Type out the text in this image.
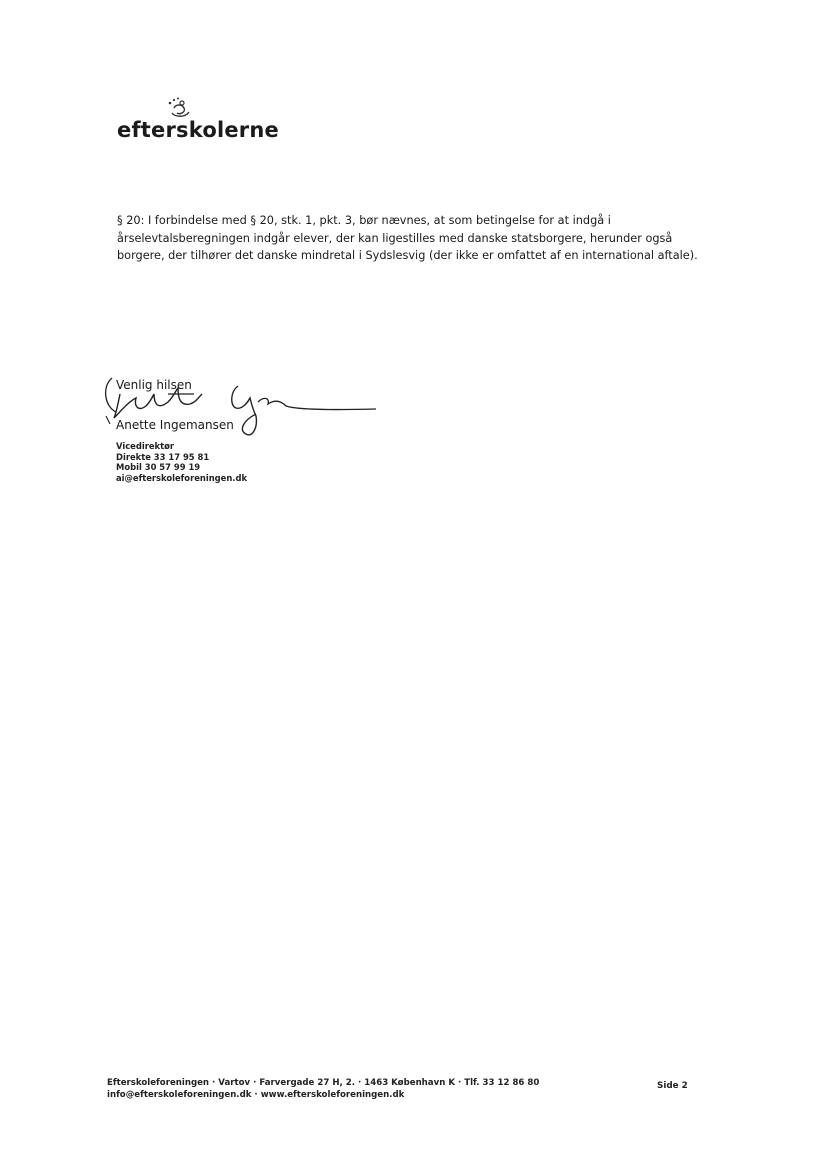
efterskolerne

§ 20: I forbindelse med § 20, stk. 1, pkt. 3, bør nævnes, at som betingelse for at indgå i

årselevtalsberegningen indgår elever, der kan ligestilles med danske statsborgere, herunder også

borgere, der tilhører det danske mindretal i Sydslesvig (der ikke er omfattet af en international aftale).

Venlig hilsen
Anette Ingemansen
Vicedirektør
Direkte 33 17 95 81
Mobil 30 57 99 19
ai@efterskoleforeningen.dk
Efterskoleforeningen · Vartov · Farvergade 27 H, 2. · 1463 København K · Tlf. 33 12 86 80
info@efterskoleforeningen.dk · www.efterskoleforeningen.dk
Side 2
